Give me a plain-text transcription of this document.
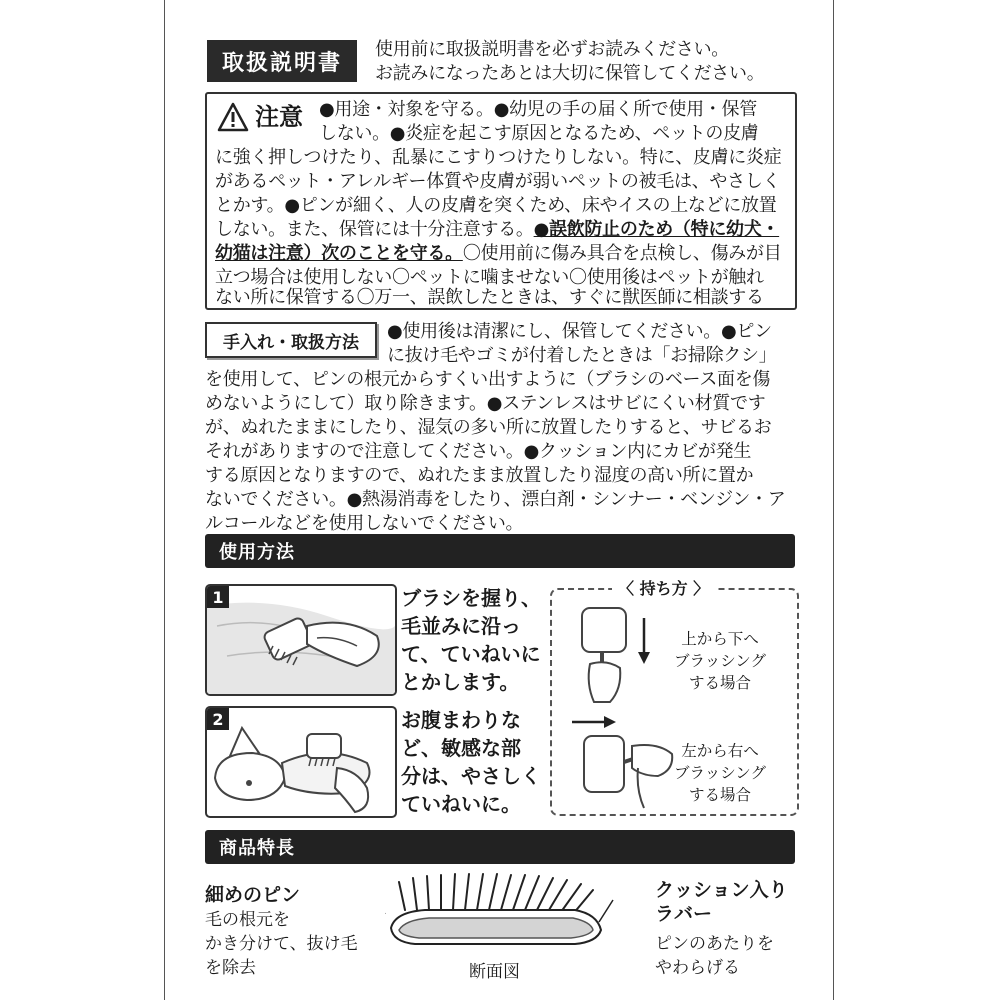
取扱説明書
使用前に取扱説明書を必ずお読みください。
お読みになったあとは大切に保管してください。
注意 ●用途・対象を守る。●幼児の手の届く所で使用・保管
しない。●炎症を起こす原因となるため、ペットの皮膚
に強く押しつけたり、乱暴にこすりつけたりしない。特に、皮膚に炎症
があるペット・アレルギー体質や皮膚が弱いペットの被毛は、やさしく
とかす。●ピンが細く、人の皮膚を突くため、床やイスの上などに放置
しない。また、保管には十分注意する。●誤飲防止のため（特に幼犬・
幼猫は注意）次のことを守る。〇使用前に傷み具合を点検し、傷みが目
立つ場合は使用しない〇ペットに噛ませない〇使用後はペットが触れ
ない所に保管する〇万一、誤飲したときは、すぐに獣医師に相談する
手入れ・取扱方法
●使用後は清潔にし、保管してください。●ピン
に抜け毛やゴミが付着したときは「お掃除クシ」
を使用して、ピンの根元からすくい出すように（ブラシのベース面を傷
めないようにして）取り除きます。●ステンレスはサビにくい材質です
が、ぬれたままにしたり、湿気の多い所に放置したりすると、サビるお
それがありますので注意してください。●クッション内にカビが発生
する原因となりますので、ぬれたまま放置したり湿度の高い所に置か
ないでください。●熱湯消毒をしたり、漂白剤・シンナー・ベンジン・ア
ルコールなどを使用しないでください。
使用方法
1	ブラシを握り、
毛並みに沿っ
て、ていねいに
とかします。
2	お腹まわりな
ど、敏感な部
分は、やさしく
ていねいに。
〈 持ち方 〉
上から下へ
ブラッシング
する場合
左から右へ
ブラッシング
する場合
商品特長
細めのピン
毛の根元を
かき分けて、抜け毛
を除去	断面図
クッション入り
ラバー
ピンのあたりを
やわらげる
